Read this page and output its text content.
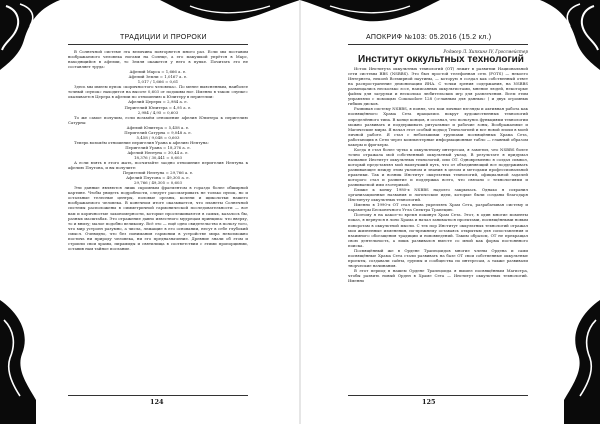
ТРАДИЦИИ И ПРОРОКИ

В Солнечной системе эта величина повторяется много раз. Если мы поставим воображаемого человека ногами на Солнце, а его макушкой упрётся в Марс, находящийся в афелии, то Земля окажется у него в пупке. Почитать это не составляет труда:

Афелий Марса = 1,666 а. е.

Афелий Земли = 1,0167 а. е.

1,017 / 1,666 = 0,61

Здесь мы имеем пупок «коричностого человека». По менее выясненным, наиболее точный «пупок» находится на высоте 0,603 от подошвы ног. Именно в таком «пупке» оказывается Церера в афелии по отношению к Юпитеру в перигелии:

Афелий Цереры = 2,984 а. е.

Перигелий Юпитера = 4,95 а. е.

2,984 / 4,95 = 0,603

То же самое получим, если возьмём отношение афелия Юпитера к перигелию Сатурна:

Афелий Юпитера = 5,458 а. е.

Перигелий Сатурна = 9,048 а. е.

5,458 / 9,048 = 0,603

Теперь возьмём отношение перигелия Урана к афелию Нептуна:

Перигелий Урана = 18,376 а. е.

Афелий Нептуна = 30,44 а. е.

18,376 / 30,441 = 0,603

А если взять в этого жать, посчитайте заодно отношение перигелия Нептуна к афелию Плутона, и вы получите:

Перигелий Нептуна = 29,766 а. е.

Афелий Плутона = 49,305 а. е.

29,766 / 49,305 = 0,603

Эти данные являются лишь скромным фрагментом в гораздо более обширной картине. Чтобы увидеть подробности, следует рассматривать не только пупок, но и остальные телесные центры, половые органы, колени и щиколотки нашего воображаемого человека. В конечном итоге оказывается, что планеты Солнечной системы расположены в симметричной гармонической последовательности — вот вам и коричностые закономерности, которые прослеживаются в самых, казалось бы, разных масштабах. Это отражение давно известного мудрецам принципа: что вверху, то и внизу; малое подобно великому. Всё это — ещё одно свидетельство в пользу того, что мир устроен разумно, а числа, лежащие в его основании, несут в себе глубокий смысл. Очевидно, что без понимания гармонии в устройстве мира невозможно постичь ни природу человека, ни его предназначение. Древние знали об этом и строили свои храмы, пирамиды и святилища в соответствии с этими пропорциями, оставив нам тайное послание.

124
АПОКРИФ №103: 05.2016 (15.2 кл.)

Роджер Л. Хипкинг IV, Гроссмейстер

Институт оккультных технологий

Исток Института оккультных технологий (ОТ) лежит в развитии Национальной сети системы ВВS (NSBBS). Это был простой телефонная сеть (FOTS) — некоего Интернета, некоей Всемирной паутины, — которую я создал как собственный ответ на распространение демонизации ЯНА. С точки зрения содержания, на NSBBS размещались несколько эссе, написанных оккультистами, мнение людей, некоторые файлы для загрузки и несколько любительских игр для развлечения. Всем этим управляли с помощью Commodore 128 («главным для данных» ) и двух огромных гибких дисков.

Развивая систему NSBBS, я понял, что мои личные взгляды и активная работа как посвящённого Храма Сета вращались вокруг художественных технологий определённого типа. В конце концов, я осознал, что пользуясь функциями технологии можно развивать и поддерживать ритуальные и рабочие зоны, Воображаемые и Магические миры. Я начал этот особый подход Технологией и все новой эпохи в моей личной работе. Я стал с небольшими группами посвящённых Храма Сета, работающих в Сети через компьютерные информационные табло — главный образом хакеры и фри-керы.

Когда я стал более чутко к оккультному интересам, я заметил, что NSBBS более точно отражала мой собственный оккультный уклад. В результате я придумал название Институт оккультных технологий, или ОТ. Одновременно я создал символ, который представлял мой наилучший путь, что от объединяющий все поддерживать развивающее между этим уклоном и знания в целом и методами профессиональной практики. Так и возник Институт оккультных технологий, официальной задачей которого стал и развитие и поддержка всего, что связано с технологиями и развиваемой ими эзотерикой.

Ближе к концу 1980-х NSBBS надолго закрылась. Однако я сохранил организационные названия и логические идеи, которые были созданы благодаря Институту оккультных технологий.

Именно в 1990-х ОТ стал вновь укреплять Храм Сета, разрабатывая систему и параметры Бесконечного Угла Спектра Трапецию.

Поэтому я на какое-то время покинул Храм Сета. Этот, в один многие моменты показ, я вернулся в лоно Храма и начал заниматься проектами, посвящёнными новым поворотам в оккультной мысли. С тех пор Институт оккультных технологий отражал мои жизненные изменения, по-прежнему оставаясь открытым для сопоставления и взаимного обогащения традиции и нововведений. Таким образом, ОТ не прекращал свою деятельность, а лишь развивался вместе со мной как форма постоянного поиска.

Посвящённый же в Ордене Трапецоидов многие члены Ордена и сами посвящённые Храма Сета стали развивать на базе ОТ свои собственные оккультные проекты, создавали сайты, группы и сообщества по интересам, а также развивали творческие начинания.

В этот период в нашем Ордене Трапецоида я вышел посвящённым Магистра, чтобы развить новый Орден в Храме Сета — Институт оккультных технологий. Именно

125
